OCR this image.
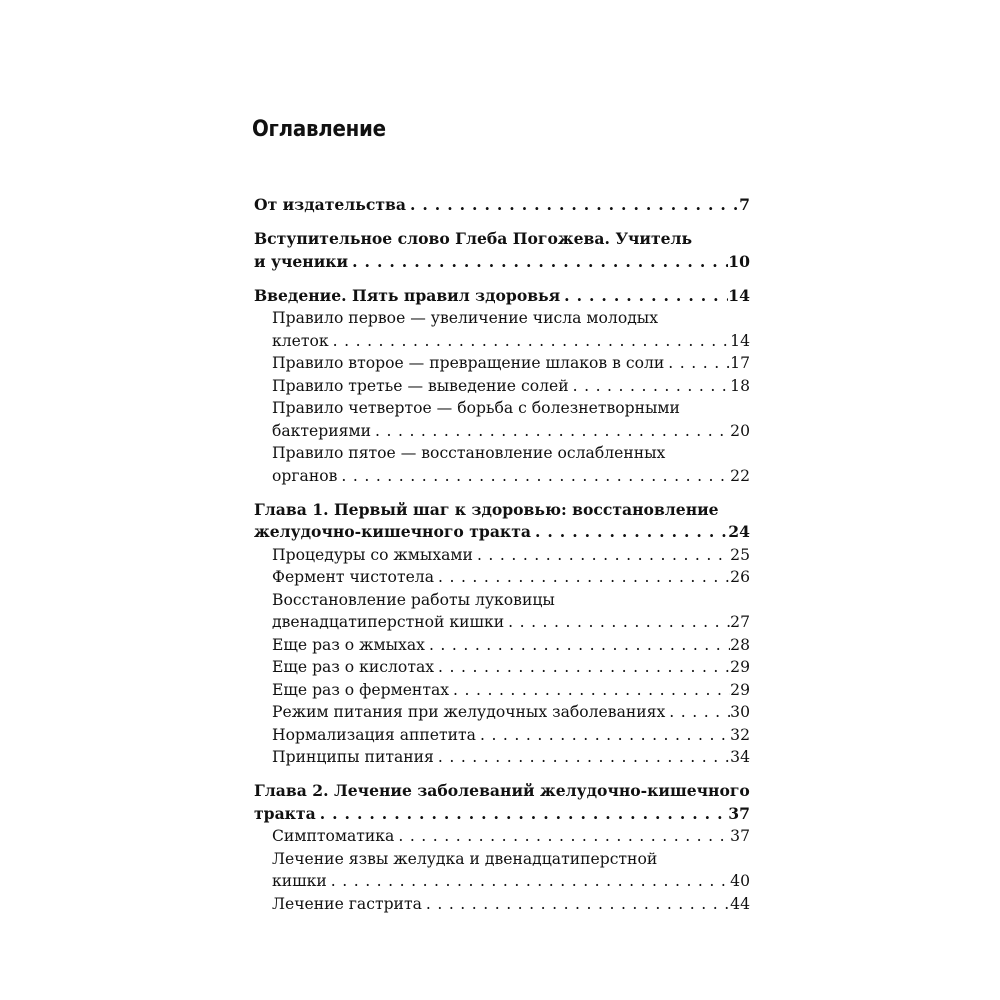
Оглавление
От издательства . . .	7
Вступительное слово Глеба Погожева. Учитель
и ученики . . .	10
Введение. Пять правил здоровья . . .	14
Правило первое — увеличение числа молодых
клеток . . .	14
Правило второе — превращение шлаков в соли . . .	17
Правило третье — выведение солей . . .	18
Правило четвертое — борьба с болезнетворными
бактериями . . .	20
Правило пятое — восстановление ослабленных
органов . . .	22
Глава 1. Первый шаг к здоровью: восстановление
желудочно-кишечного тракта . . .	24
Процедуры со жмыхами . . .	25
Фермент чистотела . . .	26
Восстановление работы луковицы
двенадцатиперстной кишки . . .	27
Еще раз о жмыхах . . .	28
Еще раз о кислотах . . .	29
Еще раз о ферментах . . .	29
Режим питания при желудочных заболеваниях . . .	30
Нормализация аппетита . . .	32
Принципы питания . . .	34
Глава 2. Лечение заболеваний желудочно-кишечного
тракта . . .	37
Симптоматика . . .	37
Лечение язвы желудка и двенадцатиперстной
кишки . . .	40
Лечение гастрита . . .	44
